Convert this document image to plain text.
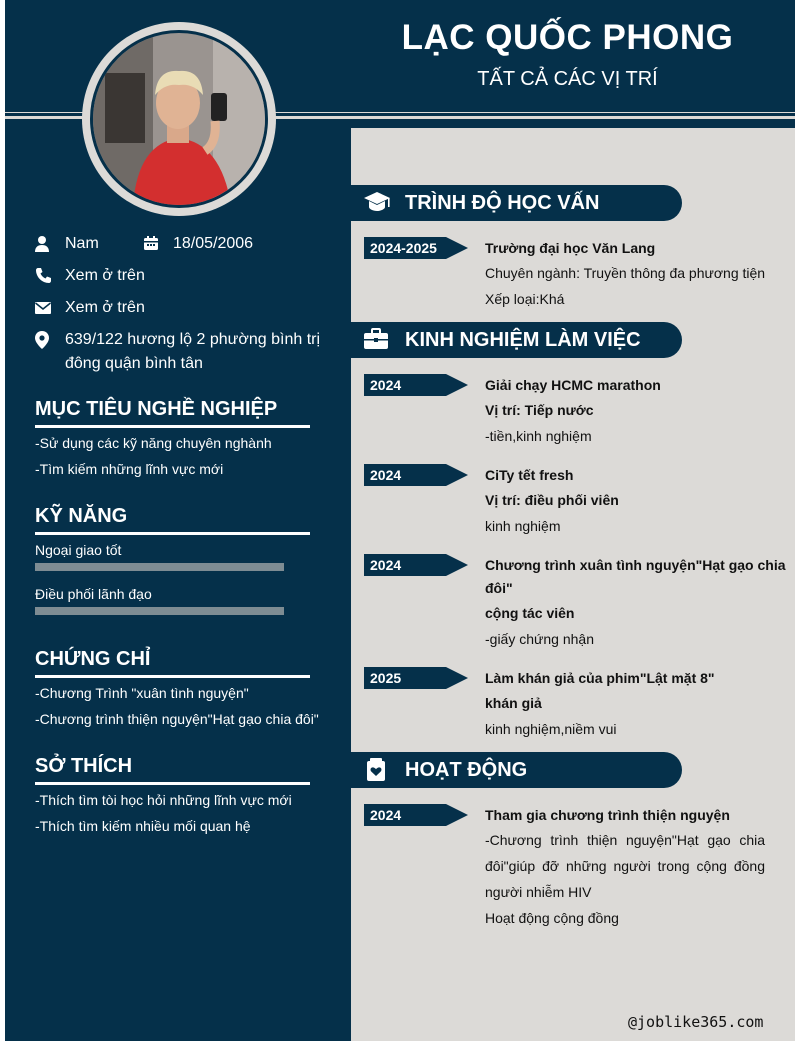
LẠC QUỐC PHONG
TẤT CẢ CÁC VỊ TRÍ
Nam	18/05/2006
Xem ở trên
Xem ở trên
639/122 hương lộ 2 phường bình trị
đông quận bình tân
MỤC TIÊU NGHỀ NGHIỆP
-Sử dụng các kỹ năng chuyên nghành
-Tìm kiếm những lĩnh vực mới
KỸ NĂNG
Ngoại giao tốt
Điều phối lãnh đạo
CHỨNG CHỈ
-Chương Trình "xuân tình nguyện"
-Chương trình thiện nguyện"Hạt gạo chia đôi"
SỞ THÍCH
-Thích tìm tòi học hỏi những lĩnh vực mới
-Thích tìm kiếm nhiều mối quan hệ
TRÌNH ĐỘ HỌC VẤN
2024-2025	Trường đại học Văn Lang
Chuyên ngành: Truyền thông đa phương tiện
Xếp loại:Khá
KINH NGHIỆM LÀM VIỆC
2024	Giải chạy HCMC marathon
Vị trí: Tiếp nước
-tiền,kinh nghiệm
2024	CiTy tết fresh
Vị trí: điều phối viên
kinh nghiệm
2024	Chương trình xuân tình nguyện"Hạt gạo chia
đôi"
cộng tác viên
-giấy chứng nhận
2025	Làm khán giả của phim"Lật mặt 8"
khán giả
kinh nghiệm,niềm vui
HOẠT ĐỘNG
2024	Tham gia chương trình thiện nguyện
-Chương trình thiện nguyện"Hạt gạo chia đôi"giúp đỡ những người trong cộng đồng người nhiễm HIV
Hoạt động cộng đồng
@joblike365.com
